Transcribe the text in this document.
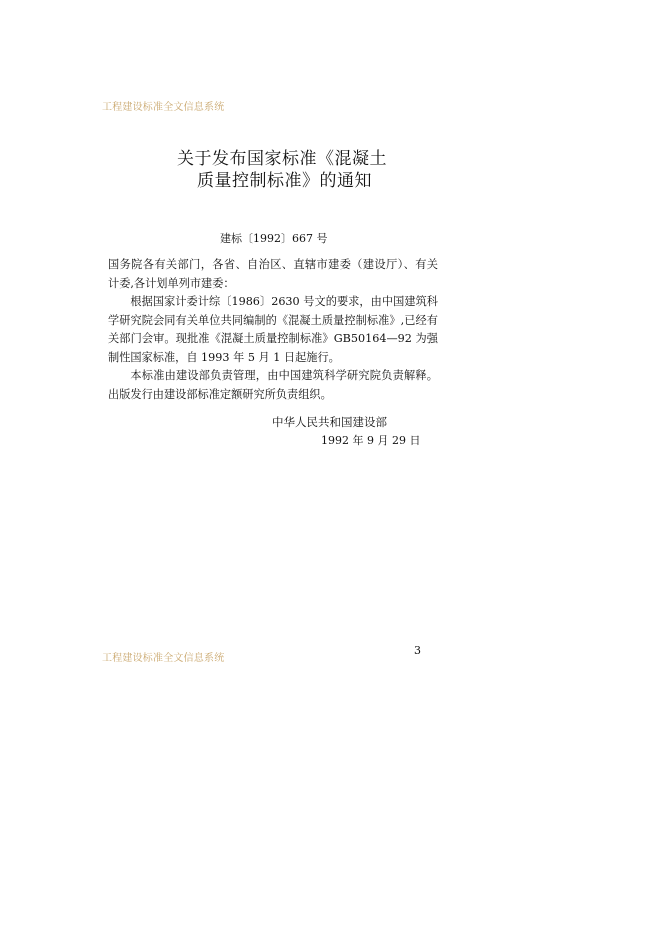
工程建设标准全文信息系统
关于发布国家标准《混凝土
质量控制标准》的通知
建标〔1992〕667 号

国务院各有关部门，各省、自治区、直辖市建委（建设厅）、有关计委,各计划单列市建委：

根据国家计委计综〔1986〕2630 号文的要求，由中国建筑科学研究院会同有关单位共同编制的《混凝土质量控制标准》,已经有关部门会审。现批准《混凝土质量控制标准》GB50164—92 为强制性国家标准，自 1993 年 5 月 1 日起施行。

本标准由建设部负责管理，由中国建筑科学研究院负责解释。出版发行由建设部标准定额研究所负责组织。

中华人民共和国建设部
1992 年 9 月 29 日
工程建设标准全文信息系统
3
